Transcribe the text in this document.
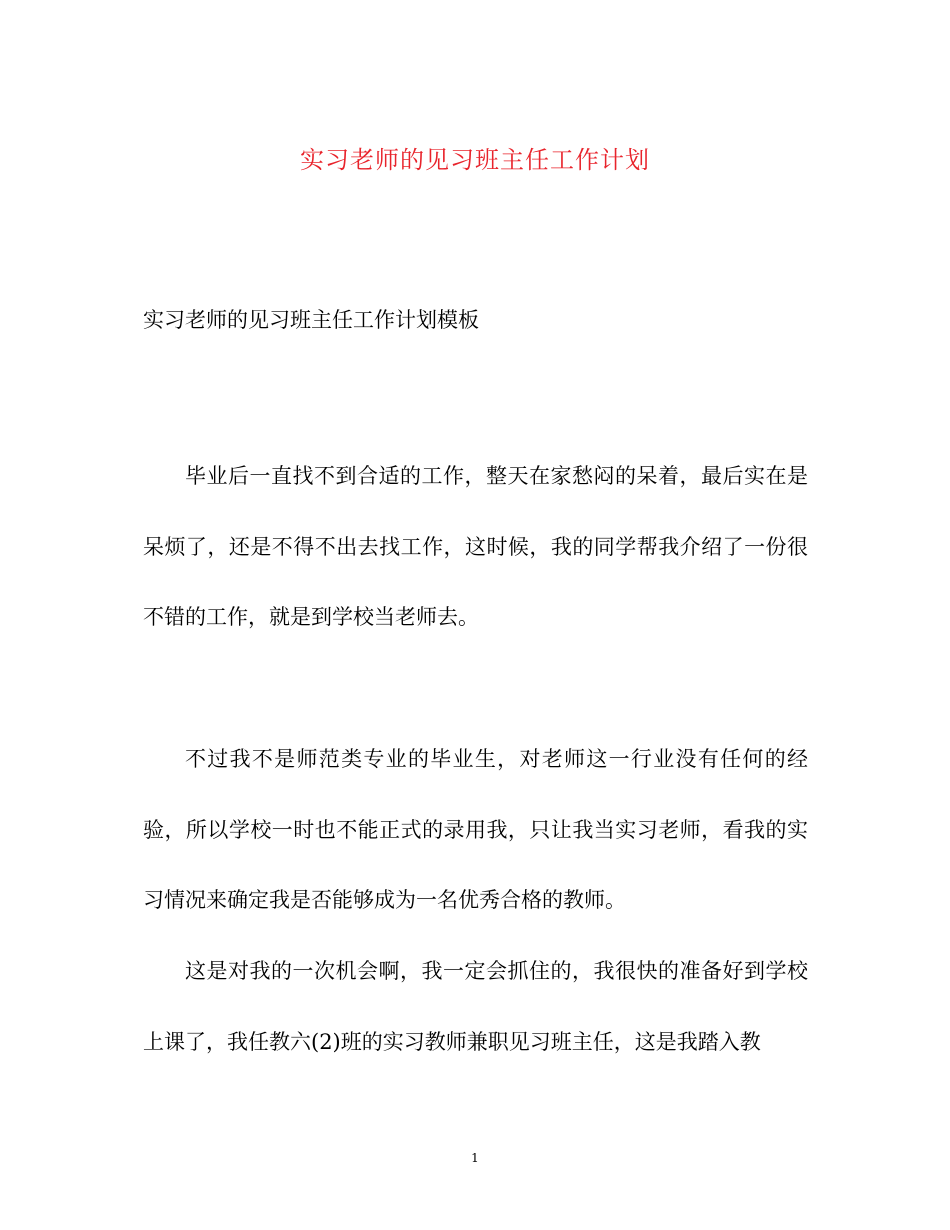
实习老师的见习班主任工作计划

实习老师的见习班主任工作计划模板

毕业后一直找不到合适的工作，整天在家愁闷的呆着，最后实在是呆烦了，还是不得不出去找工作，这时候，我的同学帮我介绍了一份很不错的工作，就是到学校当老师去。

不过我不是师范类专业的毕业生，对老师这一行业没有任何的经验，所以学校一时也不能正式的录用我，只让我当实习老师，看我的实习情况来确定我是否能够成为一名优秀合格的教师。

这是对我的一次机会啊，我一定会抓住的，我很快的准备好到学校上课了，我任教六(2)班的实习教师兼职见习班主任，这是我踏入教

1
